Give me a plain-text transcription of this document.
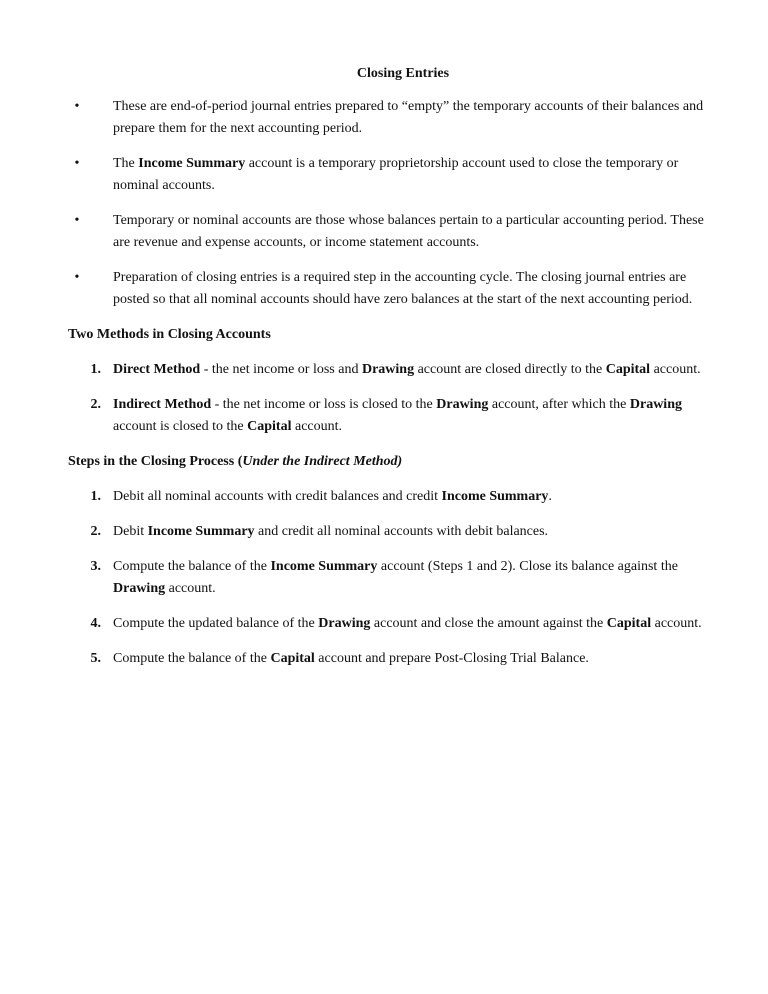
Closing Entries
• These are end-of-period journal entries prepared to “empty” the temporary accounts of their balances and prepare them for the next accounting period.
• The Income Summary account is a temporary proprietorship account used to close the temporary or nominal accounts.
• Temporary or nominal accounts are those whose balances pertain to a particular accounting period. These are revenue and expense accounts, or income statement accounts.
• Preparation of closing entries is a required step in the accounting cycle. The closing journal entries are posted so that all nominal accounts should have zero balances at the start of the next accounting period.
Two Methods in Closing Accounts
1. Direct Method - the net income or loss and Drawing account are closed directly to the Capital account.
2. Indirect Method - the net income or loss is closed to the Drawing account, after which the Drawing account is closed to the Capital account.
Steps in the Closing Process (Under the Indirect Method)
1. Debit all nominal accounts with credit balances and credit Income Summary.
2. Debit Income Summary and credit all nominal accounts with debit balances.
3. Compute the balance of the Income Summary account (Steps 1 and 2). Close its balance against the Drawing account.
4. Compute the updated balance of the Drawing account and close the amount against the Capital account.
5. Compute the balance of the Capital account and prepare Post-Closing Trial Balance.
